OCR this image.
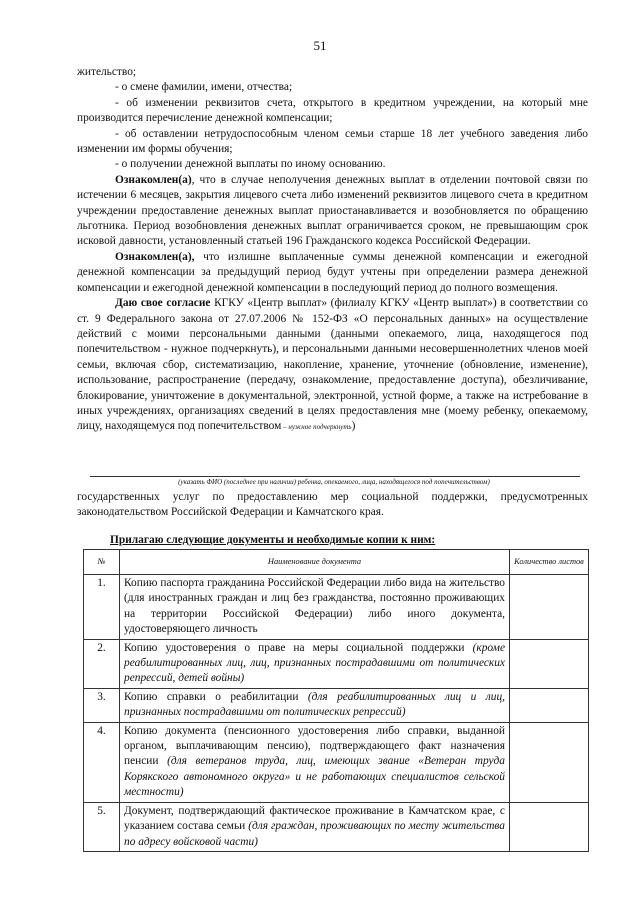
51

жительство;

- о смене фамилии, имени, отчества;

- об изменении реквизитов счета, открытого в кредитном учреждении, на который мне производится перечисление денежной компенсации;

- об оставлении нетрудоспособным членом семьи старше 18 лет учебного заведения либо изменении им формы обучения;

- о получении денежной выплаты по иному основанию.

Ознакомлен(а), что в случае неполучения денежных выплат в отделении почтовой связи по истечении 6 месяцев, закрытия лицевого счета либо изменений реквизитов лицевого счета в кредитном учреждении предоставление денежных выплат приостанавливается и возобновляется по обращению льготника. Период возобновления денежных выплат ограничивается сроком, не превышающим срок исковой давности, установленный статьей 196 Гражданского кодекса Российской Федерации.

Ознакомлен(а), что излишне выплаченные суммы денежной компенсации и ежегодной денежной компенсации за предыдущий период будут учтены при определении размера денежной компенсации и ежегодной денежной компенсации в последующий период до полного возмещения.

Даю свое согласие КГКУ «Центр выплат» (филиалу КГКУ «Центр выплат») в соответствии со ст. 9 Федерального закона от 27.07.2006 № 152-ФЗ «О персональных данных» на осуществление действий с моими персональными данными (данными опекаемого, лица, находящегося под попечительством - нужное подчеркнуть), и персональными данными несовершеннолетних членов моей семьи, включая сбор, систематизацию, накопление, хранение, уточнение (обновление, изменение), использование, распространение (передачу, ознакомление, предоставление доступа), обезличивание, блокирование, уничтожение в документальной, электронной, устной форме, а также на истребование в иных учреждениях, организациях сведений в целях предоставления мне (моему ребенку, опекаемому, лицу, находящемуся под попечительством – нужное подчеркнуть)

(указать ФИО (последнее при наличии) ребенка, опекаемого, лица, находящегося под попечительством)

государственных услуг по предоставлению мер социальной поддержки, предусмотренных законодательством Российской Федерации и Камчатского края.

Прилагаю следующие документы и необходимые копии к ним:
№	Наименование документа	Количество листов
1.	Копию паспорта гражданина Российской Федерации либо вида на жительство (для иностранных граждан и лиц без гражданства, постоянно проживающих на территории Российской Федерации) либо иного документа, удостоверяющего личность	
2.	Копию удостоверения о праве на меры социальной поддержки (кроме реабилитированных лиц, лиц, признанных пострадавшими от политических репрессий, детей войны)	
3.	Копию справки о реабилитации (для реабилитированных лиц и лиц, признанных пострадавшими от политических репрессий)	
4.	Копию документа (пенсионного удостоверения либо справки, выданной органом, выплачивающим пенсию), подтверждающего факт назначения пенсии (для ветеранов труда, лиц, имеющих звание «Ветеран труда Корякского автономного округа» и не работающих специалистов сельской местности)	
5.	Документ, подтверждающий фактическое проживание в Камчатском крае, с указанием состава семьи (для граждан, проживающих по месту жительства по адресу войсковой части)	
